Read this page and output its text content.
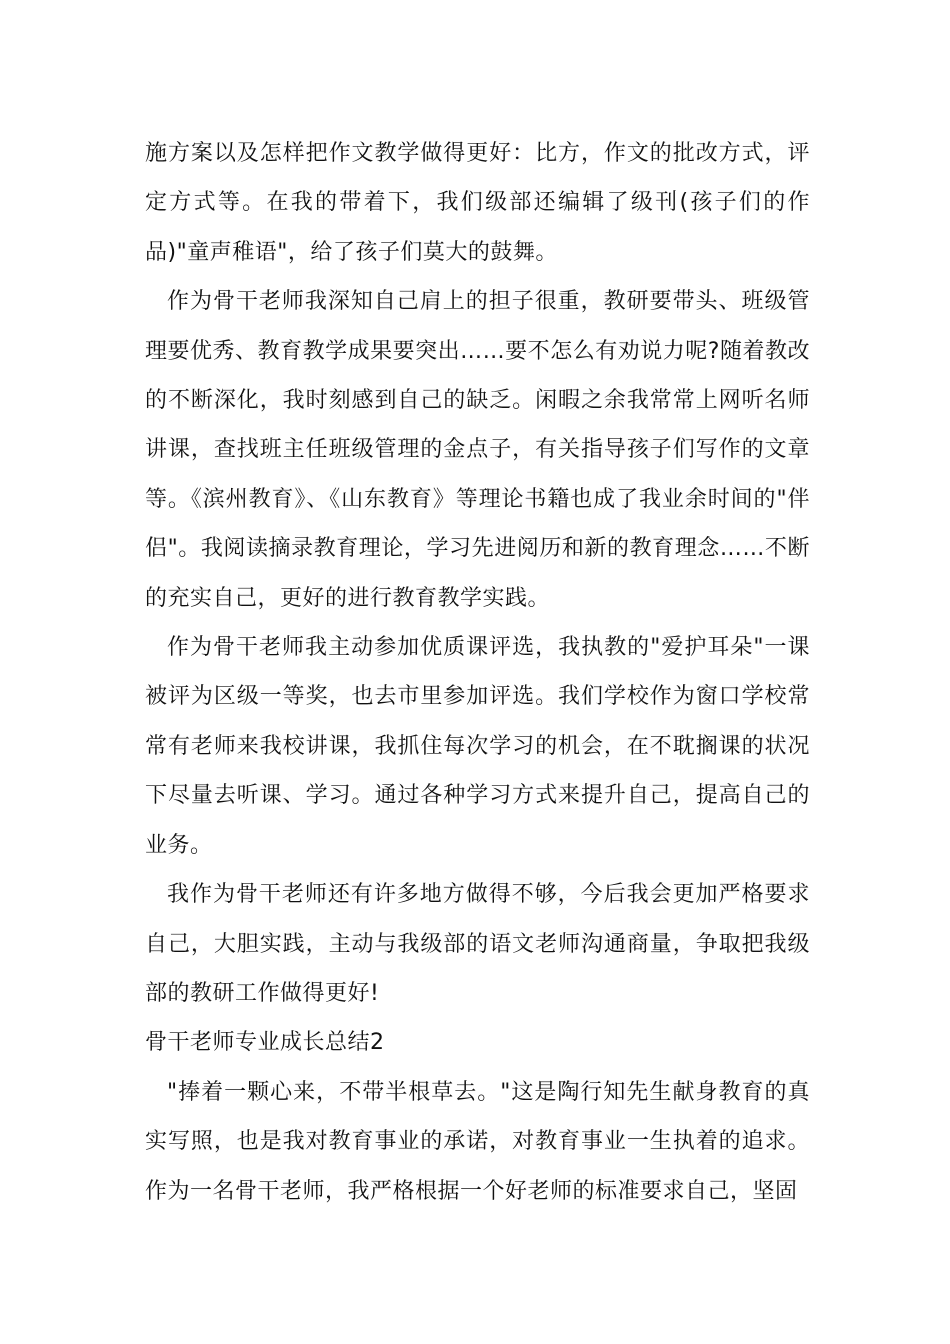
施方案以及怎样把作文教学做得更好：比方，作文的批改方式，评定方式等。在我的带着下，我们级部还编辑了级刊(孩子们的作品)"童声稚语"，给了孩子们莫大的鼓舞。

作为骨干老师我深知自己肩上的担子很重，教研要带头、班级管理要优秀、教育教学成果要突出……要不怎么有劝说力呢?随着教改的不断深化，我时刻感到自己的缺乏。闲暇之余我常常上网听名师讲课，查找班主任班级管理的金点子，有关指导孩子们写作的文章等。《滨州教育》、《山东教育》等理论书籍也成了我业余时间的"伴侣"。我阅读摘录教育理论，学习先进阅历和新的教育理念……不断的充实自己，更好的进行教育教学实践。

作为骨干老师我主动参加优质课评选，我执教的"爱护耳朵"一课被评为区级一等奖，也去市里参加评选。我们学校作为窗口学校常常有老师来我校讲课，我抓住每次学习的机会，在不耽搁课的状况下尽量去听课、学习。通过各种学习方式来提升自己，提高自己的业务。

我作为骨干老师还有许多地方做得不够，今后我会更加严格要求自己，大胆实践，主动与我级部的语文老师沟通商量，争取把我级部的教研工作做得更好!

骨干老师专业成长总结2

"捧着一颗心来，不带半根草去。"这是陶行知先生献身教育的真实写照，也是我对教育事业的承诺，对教育事业一生执着的追求。作为一名骨干老师，我严格根据一个好老师的标准要求自己，坚固
